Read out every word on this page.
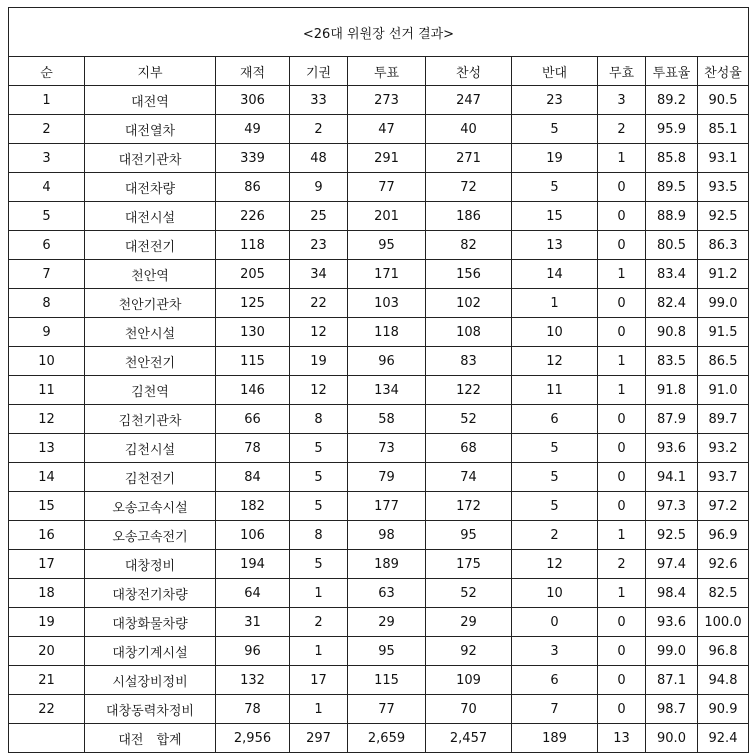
<26대 위원장 선거 결과>									
순	지부	재적	기권	투표	찬성	반대	무효	투표율	찬성율
1	대전역	306	33	273	247	23	3	89.2	90.5
2	대전열차	49	2	47	40	5	2	95.9	85.1
3	대전기관차	339	48	291	271	19	1	85.8	93.1
4	대전차량	86	9	77	72	5	0	89.5	93.5
5	대전시설	226	25	201	186	15	0	88.9	92.5
6	대전전기	118	23	95	82	13	0	80.5	86.3
7	천안역	205	34	171	156	14	1	83.4	91.2
8	천안기관차	125	22	103	102	1	0	82.4	99.0
9	천안시설	130	12	118	108	10	0	90.8	91.5
10	천안전기	115	19	96	83	12	1	83.5	86.5
11	김천역	146	12	134	122	11	1	91.8	91.0
12	김천기관차	66	8	58	52	6	0	87.9	89.7
13	김천시설	78	5	73	68	5	0	93.6	93.2
14	김천전기	84	5	79	74	5	0	94.1	93.7
15	오송고속시설	182	5	177	172	5	0	97.3	97.2
16	오송고속전기	106	8	98	95	2	1	92.5	96.9
17	대창정비	194	5	189	175	12	2	97.4	92.6
18	대창전기차량	64	1	63	52	10	1	98.4	82.5
19	대창화물차량	31	2	29	29	0	0	93.6	100.0
20	대창기계시설	96	1	95	92	3	0	99.0	96.8
21	시설장비정비	132	17	115	109	6	0	87.1	94.8
22	대창동력차정비	78	1	77	70	7	0	98.7	90.9
	대전　합계	2,956	297	2,659	2,457	189	13	90.0	92.4
